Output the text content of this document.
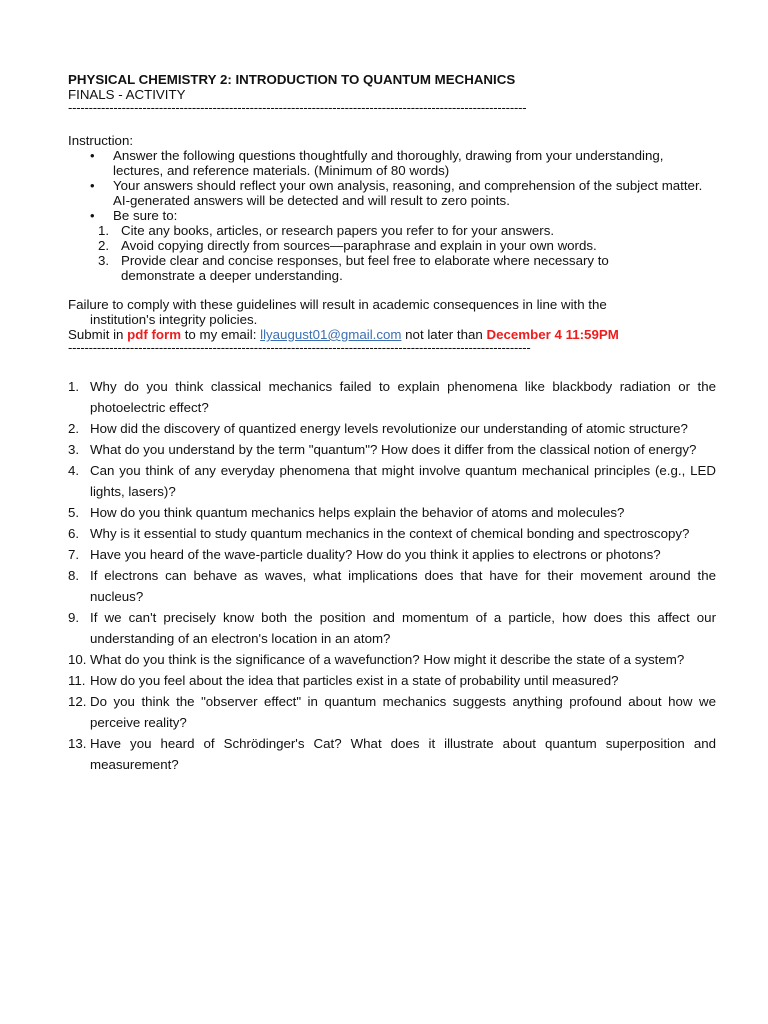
PHYSICAL CHEMISTRY 2: INTRODUCTION TO QUANTUM MECHANICS
FINALS - ACTIVITY
---------------------------------------------------------------------------------------------------------------
Instruction:
• Answer the following questions thoughtfully and thoroughly, drawing from your understanding, lectures, and reference materials. (Minimum of 80 words)
• Your answers should reflect your own analysis, reasoning, and comprehension of the subject matter. AI-generated answers will be detected and will result to zero points.
• Be sure to:
1. Cite any books, articles, or research papers you refer to for your answers.
2. Avoid copying directly from sources—paraphrase and explain in your own words.
3. Provide clear and concise responses, but feel free to elaborate where necessary to
demonstrate a deeper understanding.
Failure to comply with these guidelines will result in academic consequences in line with the
institution's integrity policies.
Submit in pdf form to my email: llyaugust01@gmail.com not later than December 4 11:59PM
----------------------------------------------------------------------------------------------------------------
1. Why do you think classical mechanics failed to explain phenomena like blackbody radiation or the photoelectric effect?
2. How did the discovery of quantized energy levels revolutionize our understanding of atomic structure?
3. What do you understand by the term "quantum"? How does it differ from the classical notion of energy?
4. Can you think of any everyday phenomena that might involve quantum mechanical principles (e.g., LED lights, lasers)?
5. How do you think quantum mechanics helps explain the behavior of atoms and molecules?
6. Why is it essential to study quantum mechanics in the context of chemical bonding and spectroscopy?
7. Have you heard of the wave-particle duality? How do you think it applies to electrons or photons?
8. If electrons can behave as waves, what implications does that have for their movement around the nucleus?
9. If we can't precisely know both the position and momentum of a particle, how does this affect our understanding of an electron's location in an atom?
10. What do you think is the significance of a wavefunction? How might it describe the state of a system?
11. How do you feel about the idea that particles exist in a state of probability until measured?
12. Do you think the "observer effect" in quantum mechanics suggests anything profound about how we perceive reality?
13. Have you heard of Schrödinger's Cat? What does it illustrate about quantum superposition and measurement?
